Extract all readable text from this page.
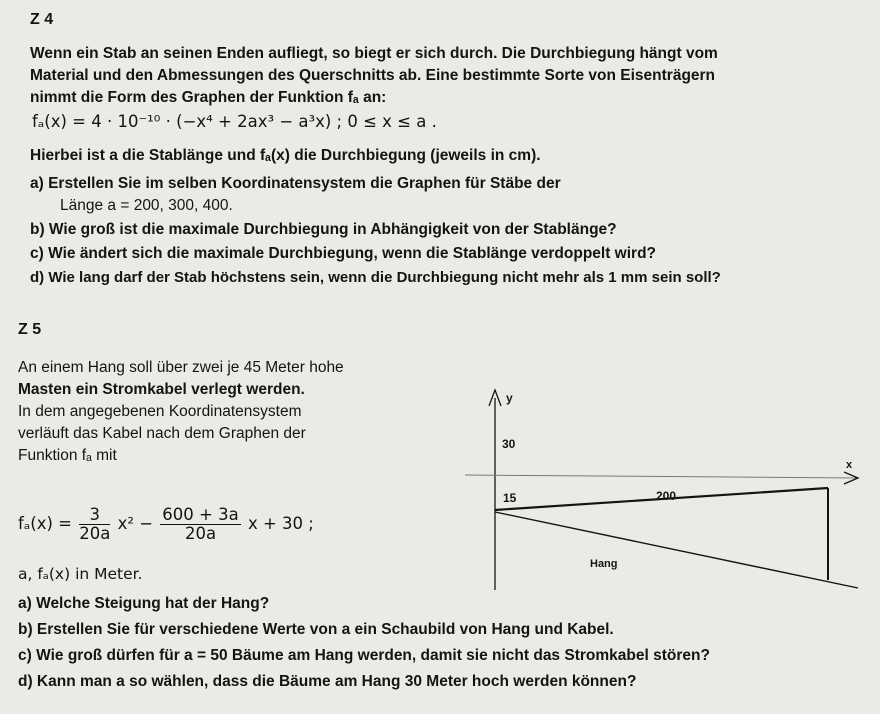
Z 4
Wenn ein Stab an seinen Enden aufliegt, so biegt er sich durch. Die Durchbiegung hängt vom
Material und den Abmessungen des Querschnitts ab. Eine bestimmte Sorte von Eisenträgern
nimmt die Form des Graphen der Funktion fₐ an:
fₐ(x) = 4 · 10⁻¹⁰ · (−x⁴ + 2ax³ − a³x) ; 0 ≤ x ≤ a .
Hierbei ist a die Stablänge und fₐ(x) die Durchbiegung (jeweils in cm).
a) Erstellen Sie im selben Koordinatensystem die Graphen für Stäbe der
Länge a = 200, 300, 400.
b) Wie groß ist die maximale Durchbiegung in Abhängigkeit von der Stablänge?
c) Wie ändert sich die maximale Durchbiegung, wenn die Stablänge verdoppelt wird?
d) Wie lang darf der Stab höchstens sein, wenn die Durchbiegung nicht mehr als 1 mm sein soll?
Z 5
An einem Hang soll über zwei je 45 Meter hohe
Masten ein Stromkabel verlegt werden.
In dem angegebenen Koordinatensystem
verläuft das Kabel nach dem Graphen der
Funktion fₐ mit
$f_a(x) = \frac{3}{20a} x^2 - \frac{600 + 3a}{20a}$ x + 30 ;
a, fₐ(x) in Meter.
a) Welche Steigung hat der Hang?
b) Erstellen Sie für verschiedene Werte von a ein Schaubild von Hang und Kabel.
c) Wie groß dürfen für a = 50 Bäume am Hang werden, damit sie nicht das Stromkabel stören?
d) Kann man a so wählen, dass die Bäume am Hang 30 Meter hoch werden können?
y
x
30
15	200
Hang
